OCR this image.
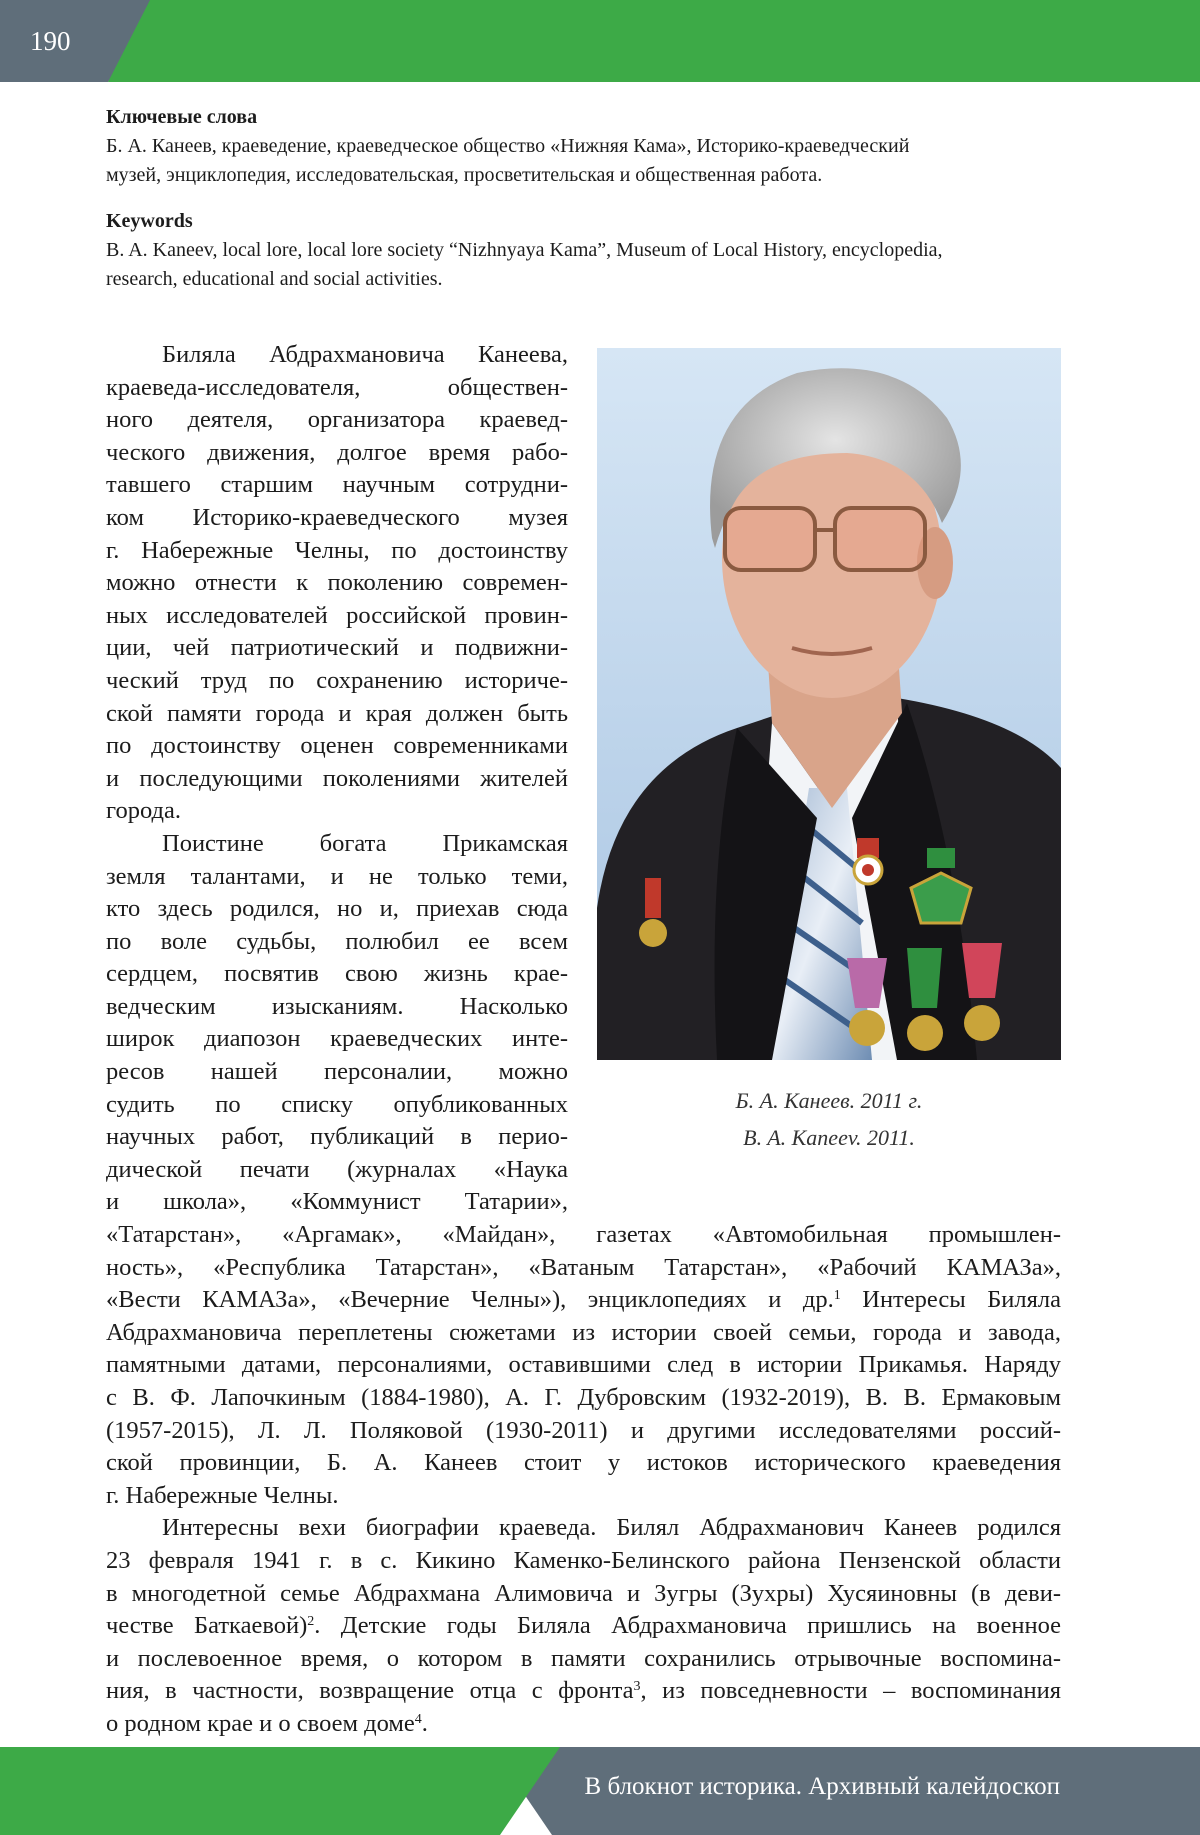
190
Ключевые слова
Б. А. Канеев, краеведение, краеведческое общество «Нижняя Кама», Историко-краеведческий
музей, энциклопедия, исследовательская, просветительская и общественная работа.
Keywords
B. A. Kaneev, local lore, local lore society “Nizhnyaya Kama”, Museum of Local History, encyclopedia,
research, educational and social activities.
Биляла Абдрахмановича Канеева,
краеведа-исследователя, обществен-
ного деятеля, организатора краевед-
ческого движения, долгое время рабо-
тавшего старшим научным сотрудни-
ком Историко-краеведческого музея
г. Набережные Челны, по достоинству
можно отнести к поколению современ-
ных исследователей российской провин-
ции, чей патриотический и подвижни-
ческий труд по сохранению историче-
ской памяти города и края должен быть
по достоинству оценен современниками
и последующими поколениями жителей
города.
Поистине богата Прикамская
земля талантами, и не только теми,
кто здесь родился, но и, приехав сюда
по воле судьбы, полюбил ее всем
сердцем, посвятив свою жизнь крае-
ведческим изысканиям. Насколько
широк диапозон краеведческих инте-
ресов нашей персоналии, можно
судить по списку опубликованных
научных работ, публикаций в перио-
дической печати (журналах «Наука
и школа», «Коммунист Татарии»,
«Татарстан», «Аргамак», «Майдан», газетах «Автомобильная промышлен-
ность», «Республика Татарстан», «Ватаным Татарстан», «Рабочий КАМАЗа»,
«Вести КАМАЗа», «Вечерние Челны»), энциклопедиях и др.$^1$ Интересы Биляла
Абдрахмановича переплетены сюжетами из истории своей семьи, города и завода,
памятными датами, персоналиями, оставившими след в истории Прикамья. Наряду
с В. Ф. Лапочкиным (1884-1980), А. Г. Дубровским (1932-2019), В. В. Ермаковым
(1957-2015), Л. Л. Поляковой (1930-2011) и другими исследователями россий-
ской провинции, Б. А. Канеев стоит у истоков исторического краеведения
г. Набережные Челны.
Интересны вехи биографии краеведа. Билял Абдрахманович Канеев родился
23 февраля 1941 г. в с. Кикино Каменко-Белинского района Пензенской области
в многодетной семье Абдрахмана Алимовича и Зугры (Зухры) Хусяиновны (в деви-
честве Баткаевой)$^2$. Детские годы Биляла Абдрахмановича пришлись на военное
и послевоенное время, о котором в памяти сохранились отрывочные воспомина-
ния, в частности, возвращение отца с фронта$^3$, из повседневности – воспоминания
о родном крае и о своем доме$^4$.
Б. А. Канеев. 2011 г.
B. A. Kaneev. 2011.
В блокнот историка. Архивный калейдоскоп
